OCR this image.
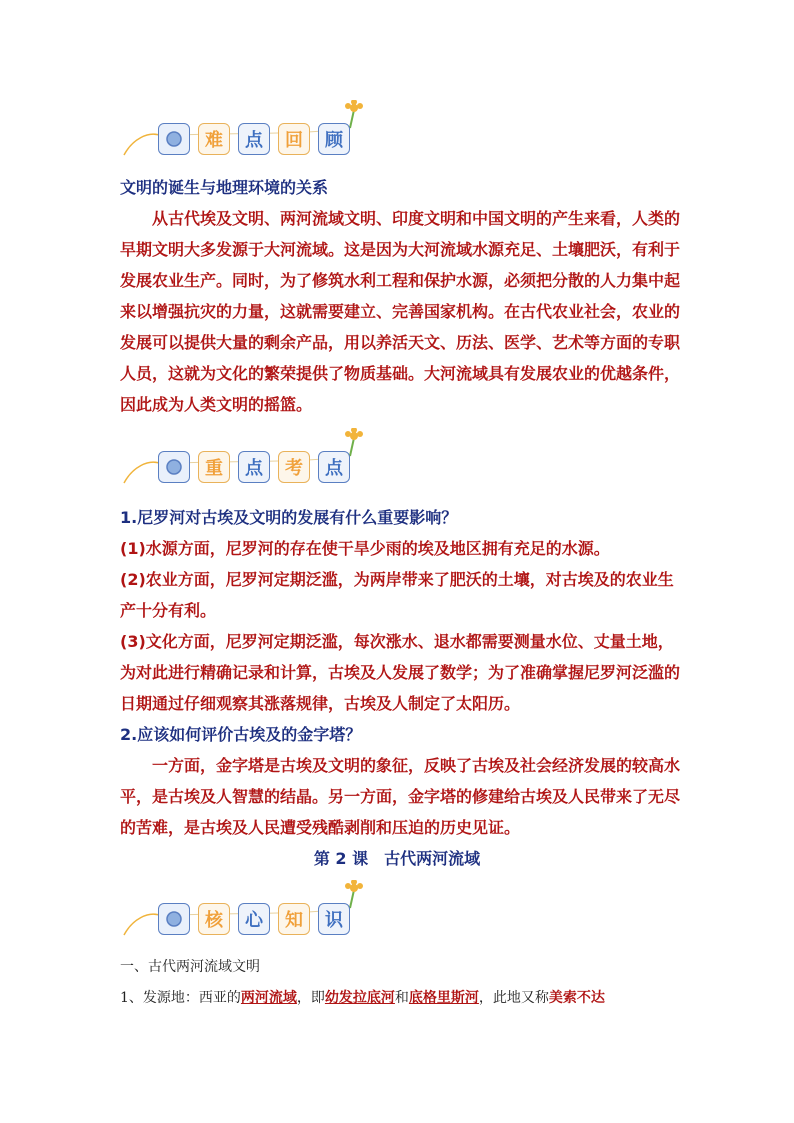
难	点	回	顾
文明的诞生与地理环境的关系
从古代埃及文明、两河流域文明、印度文明和中国文明的产生来看，人类的早期文明大多发源于大河流域。这是因为大河流域水源充足、土壤肥沃，有利于发展农业生产。同时，为了修筑水利工程和保护水源，必须把分散的人力集中起来以增强抗灾的力量，这就需要建立、完善国家机构。在古代农业社会，农业的发展可以提供大量的剩余产品，用以养活天文、历法、医学、艺术等方面的专职人员，这就为文化的繁荣提供了物质基础。大河流域具有发展农业的优越条件，因此成为人类文明的摇篮。
重	点	考	点
1.尼罗河对古埃及文明的发展有什么重要影响？
(1)水源方面，尼罗河的存在使干旱少雨的埃及地区拥有充足的水源。
(2)农业方面，尼罗河定期泛滥，为两岸带来了肥沃的土壤，对古埃及的农业生产十分有利。
(3)文化方面，尼罗河定期泛滥，每次涨水、退水都需要测量水位、丈量土地，为对此进行精确记录和计算，古埃及人发展了数学；为了准确掌握尼罗河泛滥的日期通过仔细观察其涨落规律，古埃及人制定了太阳历。
2.应该如何评价古埃及的金字塔？
一方面，金字塔是古埃及文明的象征，反映了古埃及社会经济发展的较高水平，是古埃及人智慧的结晶。另一方面，金字塔的修建给古埃及人民带来了无尽的苦难，是古埃及人民遭受残酷剥削和压迫的历史见证。
第 2 课　古代两河流域
核	心	知	识
一、古代两河流域文明
1、发源地：西亚的两河流域，即幼发拉底河和底格里斯河，此地又称美索不达
